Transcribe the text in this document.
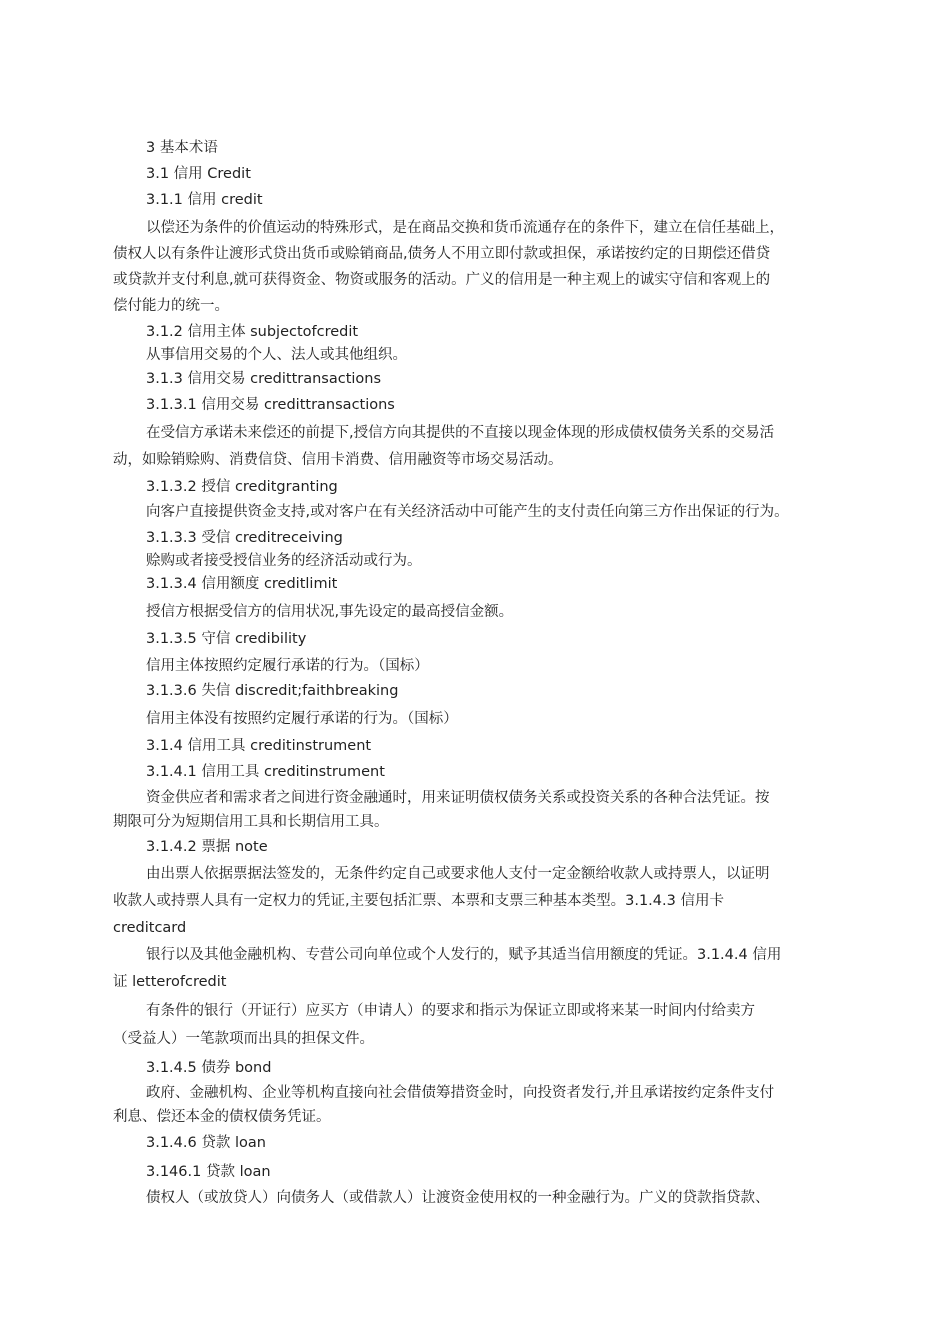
3 基本术语
3.1 信用 Credit
3.1.1 信用 credit
以偿还为条件的价值运动的特殊形式，是在商品交换和货币流通存在的条件下，建立在信任基础上，
债权人以有条件让渡形式贷出货币或赊销商品,债务人不用立即付款或担保，承诺按约定的日期偿还借贷
或贷款并支付利息,就可获得资金、物资或服务的活动。广义的信用是一种主观上的诚实守信和客观上的
偿付能力的统一。
3.1.2 信用主体 subjectofcredit
从事信用交易的个人、法人或其他组织。
3.1.3 信用交易 credittransactions
3.1.3.1 信用交易 credittransactions
在受信方承诺未来偿还的前提下,授信方向其提供的不直接以现金体现的形成债权债务关系的交易活
动，如赊销赊购、消费信贷、信用卡消费、信用融资等市场交易活动。
3.1.3.2 授信 creditgranting
向客户直接提供资金支持,或对客户在有关经济活动中可能产生的支付责任向第三方作出保证的行为。
3.1.3.3 受信 creditreceiving
赊购或者接受授信业务的经济活动或行为。
3.1.3.4 信用额度 creditlimit
授信方根据受信方的信用状况,事先设定的最高授信金额。
3.1.3.5 守信 credibility
信用主体按照约定履行承诺的行为。（国标）
3.1.3.6 失信 discredit;faithbreaking
信用主体没有按照约定履行承诺的行为。（国标）
3.1.4 信用工具 creditinstrument
3.1.4.1 信用工具 creditinstrument
资金供应者和需求者之间进行资金融通时，用来证明债权债务关系或投资关系的各种合法凭证。按
期限可分为短期信用工具和长期信用工具。
3.1.4.2 票据 note
由出票人依据票据法签发的，无条件约定自己或要求他人支付一定金额给收款人或持票人，以证明
收款人或持票人具有一定权力的凭证,主要包括汇票、本票和支票三种基本类型。3.1.4.3 信用卡
creditcard
银行以及其他金融机构、专营公司向单位或个人发行的，赋予其适当信用额度的凭证。3.1.4.4 信用
证 letterofcredit
有条件的银行（开证行）应买方（申请人）的要求和指示为保证立即或将来某一时间内付给卖方
（受益人）一笔款项而出具的担保文件。
3.1.4.5 债券 bond
政府、金融机构、企业等机构直接向社会借债筹措资金时，向投资者发行,并且承诺按约定条件支付
利息、偿还本金的债权债务凭证。
3.1.4.6 贷款 loan
3.146.1 贷款 loan
债权人（或放贷人）向债务人（或借款人）让渡资金使用权的一种金融行为。广义的贷款指贷款、
